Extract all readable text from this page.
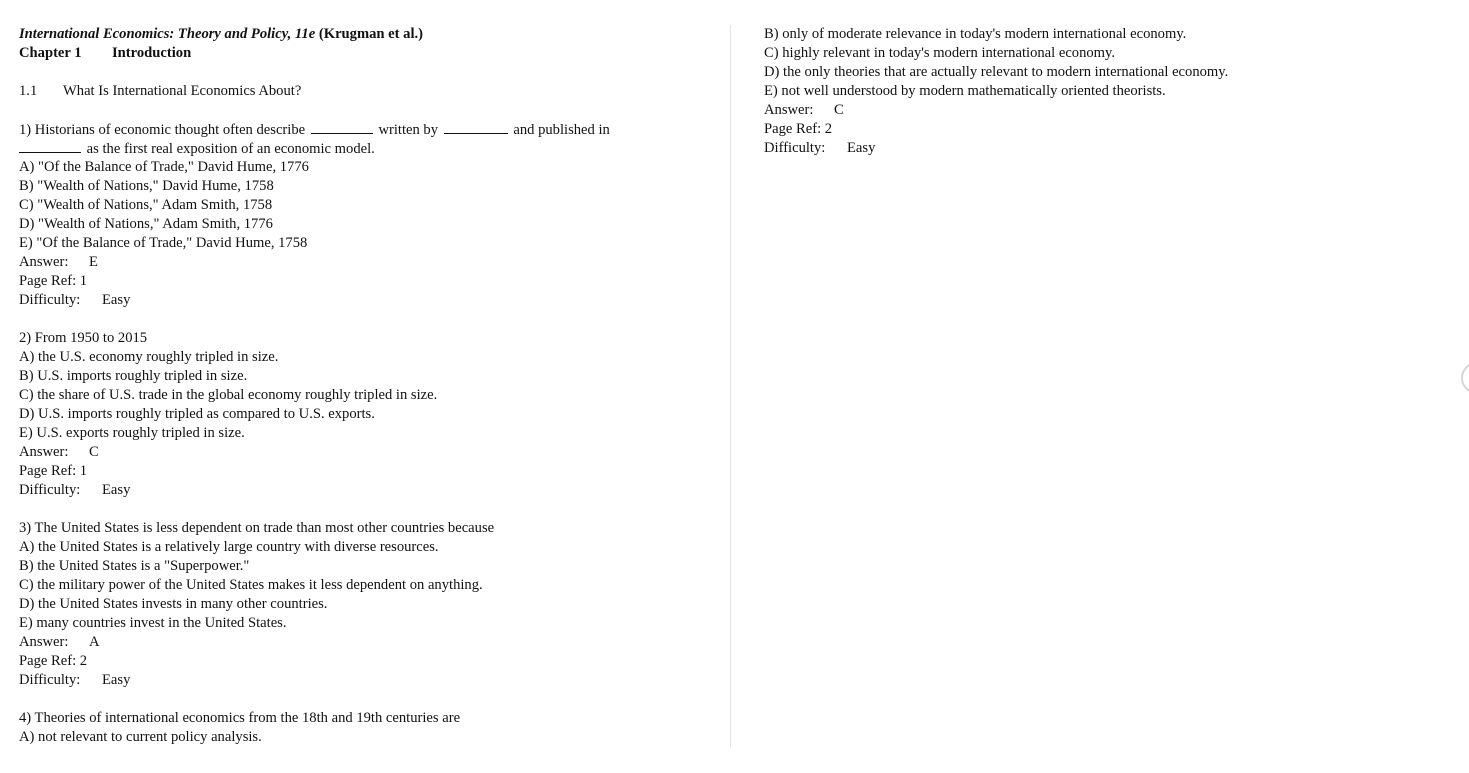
International Economics: Theory and Policy, 11e (Krugman et al.)
Chapter 1 Introduction
1.1 What Is International Economics About?
1) Historians of economic thought often describe	written by	and published in
as the first real exposition of an economic model.
A) "Of the Balance of Trade," David Hume, 1776
B) "Wealth of Nations," David Hume, 1758
C) "Wealth of Nations," Adam Smith, 1758
D) "Wealth of Nations," Adam Smith, 1776
E) "Of the Balance of Trade," David Hume, 1758
Answer: E
Page Ref: 1
Difficulty: Easy
2) From 1950 to 2015
A) the U.S. economy roughly tripled in size.
B) U.S. imports roughly tripled in size.
C) the share of U.S. trade in the global economy roughly tripled in size.
D) U.S. imports roughly tripled as compared to U.S. exports.
E) U.S. exports roughly tripled in size.
Answer: C
Page Ref: 1
Difficulty: Easy
3) The United States is less dependent on trade than most other countries because
A) the United States is a relatively large country with diverse resources.
B) the United States is a "Superpower."
C) the military power of the United States makes it less dependent on anything.
D) the United States invests in many other countries.
E) many countries invest in the United States.
Answer: A
Page Ref: 2
Difficulty: Easy
4) Theories of international economics from the 18th and 19th centuries are
A) not relevant to current policy analysis.
B) only of moderate relevance in today's modern international economy.
C) highly relevant in today's modern international economy.
D) the only theories that are actually relevant to modern international economy.
E) not well understood by modern mathematically oriented theorists.
Answer: C
Page Ref: 2
Difficulty: Easy
